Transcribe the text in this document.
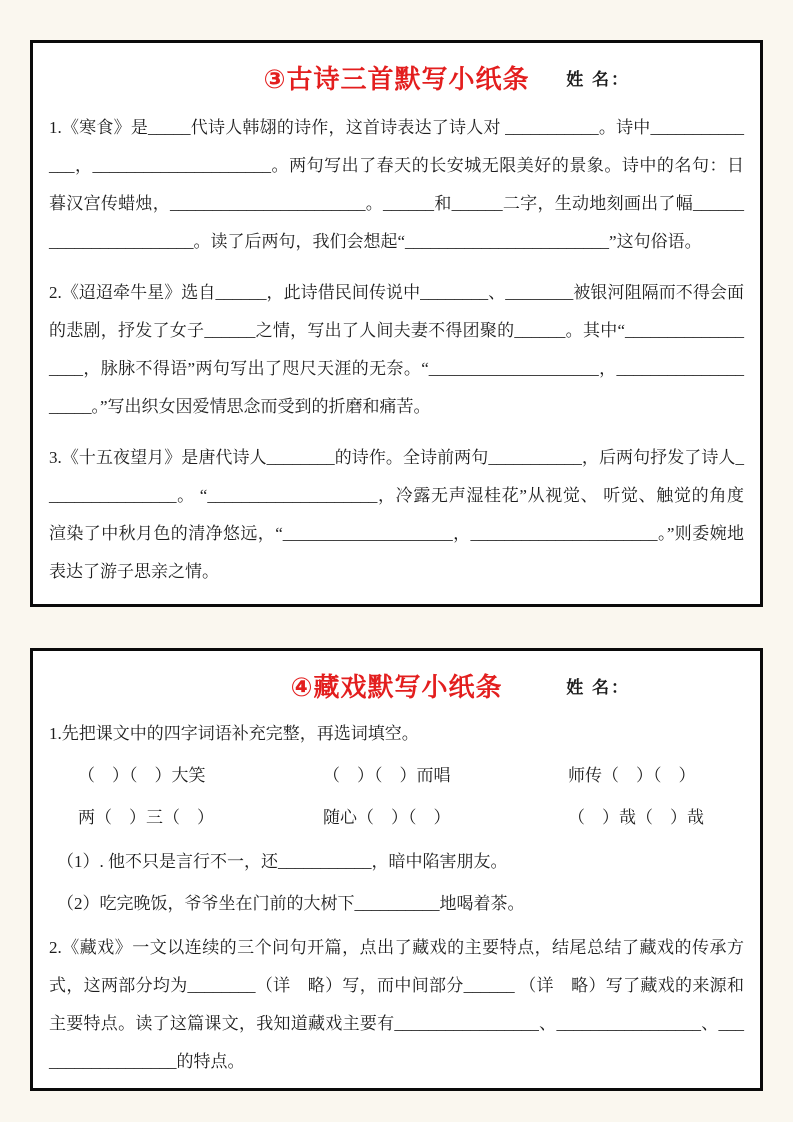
③古诗三首默写小纸条 姓 名：

1.《寒食》是_____代诗人韩翃的诗作，这首诗表达了诗人对 ___________。诗中______________，_____________________。两句写出了春天的长安城无限美好的景象。诗中的名句：日暮汉宫传蜡烛，_______________________。______和______二字，生动地刻画出了幅_______________________。读了后两句，我们会想起“________________________”这句俗语。

2.《迢迢牵牛星》选自______，此诗借民间传说中________、________被银河阻隔而不得会面的悲剧，抒发了女子______之情，写出了人间夫妻不得团聚的______。其中“__________________，脉脉不得语”两句写出了咫尺天涯的无奈。“____________________，____________________。”写出织女因爱情思念而受到的折磨和痛苦。

3.《十五夜望月》是唐代诗人________的诗作。全诗前两句___________，后两句抒发了诗人________________。 “____________________，冷露无声湿桂花”从视觉、 听觉、触觉的角度渲染了中秋月色的清净悠远，“____________________，______________________。”则委婉地表达了游子思亲之情。

④藏戏默写小纸条	姓 名：

1.先把课文中的四字词语补充完整，再选词填空。

（　）（　）大笑	（　）（　）而唱	师传（　）（　）
两（　）三（　）	随心（　）（　）	（　）哉（　）哉

（1）. 他不只是言行不一，还___________，暗中陷害朋友。

（2）吃完晚饭，爷爷坐在门前的大树下__________地喝着茶。

2.《藏戏》一文以连续的三个问句开篇，点出了藏戏的主要特点，结尾总结了藏戏的传承方式，这两部分均为________（详　略）写，而中间部分______ （详　略）写了藏戏的来源和主要特点。读了这篇课文，我知道藏戏主要有_________________、_________________、__________________的特点。
